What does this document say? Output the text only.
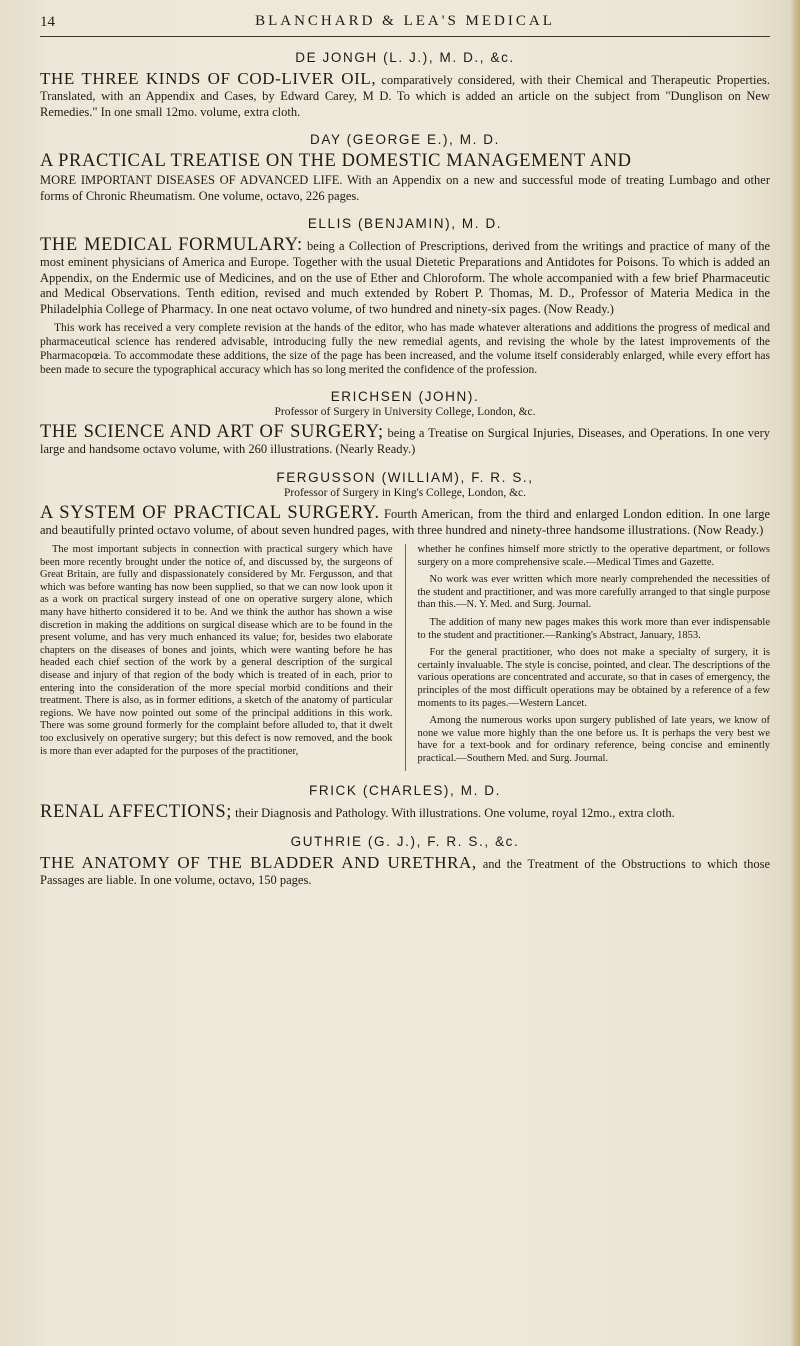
14	BLANCHARD & LEA'S MEDICAL
DE JONGH (L. J.), M. D., &c.

THE THREE KINDS OF COD-LIVER OIL, comparatively considered, with their Chemical and Therapeutic Properties. Translated, with an Appendix and Cases, by Edward Carey, M D. To which is added an article on the subject from "Dunglison on New Remedies." In one small 12mo. volume, extra cloth.

DAY (GEORGE E.), M. D.
A PRACTICAL TREATISE ON THE DOMESTIC MANAGEMENT AND

MORE IMPORTANT DISEASES OF ADVANCED LIFE. With an Appendix on a new and successful mode of treating Lumbago and other forms of Chronic Rheumatism. One volume, octavo, 226 pages.

ELLIS (BENJAMIN), M. D.

THE MEDICAL FORMULARY: being a Collection of Prescriptions, derived from the writings and practice of many of the most eminent physicians of America and Europe. Together with the usual Dietetic Preparations and Antidotes for Poisons. To which is added an Appendix, on the Endermic use of Medicines, and on the use of Ether and Chloroform. The whole accompanied with a few brief Pharmaceutic and Medical Observations. Tenth edition, revised and much extended by Robert P. Thomas, M. D., Professor of Materia Medica in the Philadelphia College of Pharmacy. In one neat octavo volume, of two hundred and ninety-six pages. (Now Ready.)

This work has received a very complete revision at the hands of the editor, who has made whatever alterations and additions the progress of medical and pharmaceutical science has rendered advisable, introducing fully the new remedial agents, and revising the whole by the latest improvements of the Pharmacopœia. To accommodate these additions, the size of the page has been increased, and the volume itself considerably enlarged, while every effort has been made to secure the typographical accuracy which has so long merited the confidence of the profession.

ERICHSEN (JOHN).
Professor of Surgery in University College, London, &c.

THE SCIENCE AND ART OF SURGERY; being a Treatise on Surgical Injuries, Diseases, and Operations. In one very large and handsome octavo volume, with 260 illustrations. (Nearly Ready.)

FERGUSSON (WILLIAM), F. R. S.,
Professor of Surgery in King's College, London, &c.

A SYSTEM OF PRACTICAL SURGERY. Fourth American, from the third and enlarged London edition. In one large and beautifully printed octavo volume, of about seven hundred pages, with three hundred and ninety-three handsome illustrations. (Now Ready.)

The most important subjects in connection with practical surgery which have been more recently brought under the notice of, and discussed by, the surgeons of Great Britain, are fully and dispassionately considered by Mr. Fergusson, and that which was before wanting has now been supplied, so that we can now look upon it as a work on practical surgery instead of one on operative surgery alone, which many have hitherto considered it to be. And we think the author has shown a wise discretion in making the additions on surgical disease which are to be found in the present volume, and has very much enhanced its value; for, besides two elaborate chapters on the diseases of bones and joints, which were wanting before he has headed each chief section of the work by a general description of the surgical disease and injury of that region of the body which is treated of in each, prior to entering into the consideration of the more special morbid conditions and their treatment. There is also, as in former editions, a sketch of the anatomy of particular regions. We have now pointed out some of the principal additions in this work. There was some ground formerly for the complaint before alluded to, that it dwelt too exclusively on operative surgery; but this defect is now removed, and the book is more than ever adapted for the purposes of the practitioner,

whether he confines himself more strictly to the operative department, or follows surgery on a more comprehensive scale.—Medical Times and Gazette.

No work was ever written which more nearly comprehended the necessities of the student and practitioner, and was more carefully arranged to that single purpose than this.—N. Y. Med. and Surg. Journal.

The addition of many new pages makes this work more than ever indispensable to the student and practitioner.—Ranking's Abstract, January, 1853.

For the general practitioner, who does not make a specialty of surgery, it is certainly invaluable. The style is concise, pointed, and clear. The descriptions of the various operations are concentrated and accurate, so that in cases of emergency, the principles of the most difficult operations may be obtained by a reference of a few moments to its pages.—Western Lancet.

Among the numerous works upon surgery published of late years, we know of none we value more highly than the one before us. It is perhaps the very best we have for a text-book and for ordinary reference, being concise and eminently practical.—Southern Med. and Surg. Journal.

FRICK (CHARLES), M. D.

RENAL AFFECTIONS; their Diagnosis and Pathology. With illustrations. One volume, royal 12mo., extra cloth.

GUTHRIE (G. J.), F. R. S., &c.

THE ANATOMY OF THE BLADDER AND URETHRA, and the Treatment of the Obstructions to which those Passages are liable. In one volume, octavo, 150 pages.
